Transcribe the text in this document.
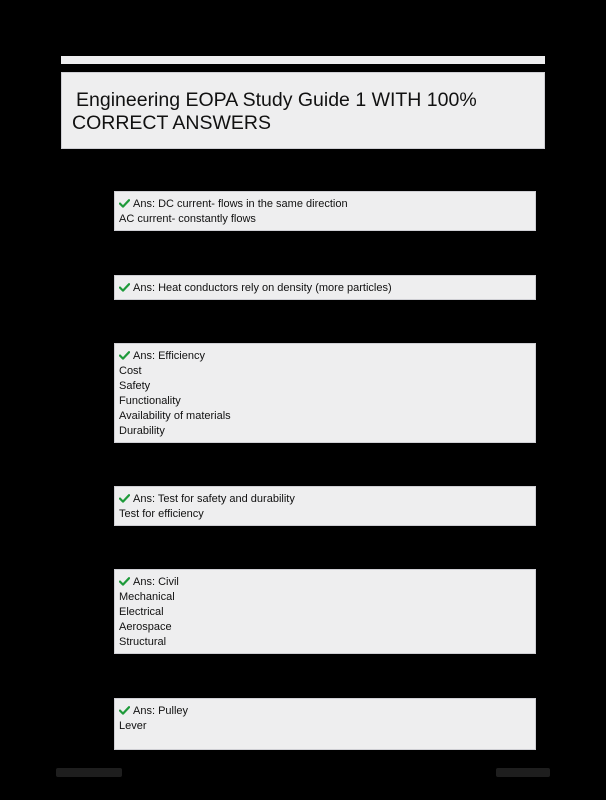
Engineering EOPA Study Guide 1 WITH 100%
CORRECT ANSWERS
Ans: DC current- flows in the same direction
AC current- constantly flows
Ans: Heat conductors rely on density (more particles)
Ans: Efficiency
Cost
Safety
Functionality
Availability of materials
Durability
Ans: Test for safety and durability
Test for efficiency
Ans: Civil
Mechanical
Electrical
Aerospace
Structural
Ans: Pulley
Lever
